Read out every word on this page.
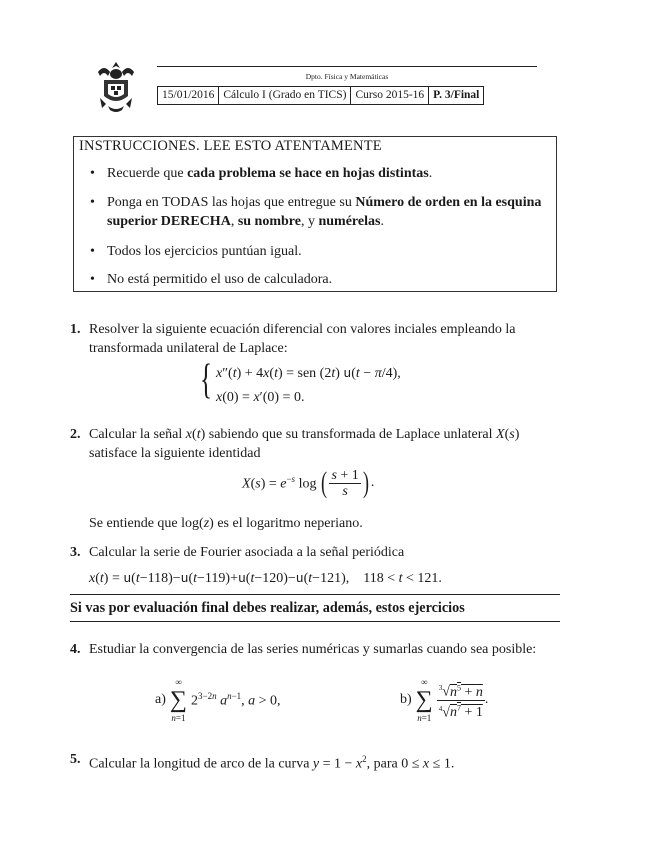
Dpto. Física y Matemáticas
15/01/2016 Cálculo I (Grado en TICS) Curso 2015-16 P. 3/Final
INSTRUCCIONES. LEE ESTO ATENTAMENTE
• Recuerde que cada problema se hace en hojas distintas.
• Ponga en TODAS las hojas que entregue su Número de orden en la esquina superior DERECHA, su nombre, y numérelas.
• Todos los ejercicios puntúan igual.
• No está permitido el uso de calculadora.
1. Resolver la siguiente ecuación diferencial con valores inciales empleando la transformada unilateral de Laplace:
{ x″(t) + 4x(t) = sen (2t) u(t − π/4),
x(0) = x′(0) = 0.
2. Calcular la señal x(t) sabiendo que su transformada de Laplace unlateral X(s) satisface la siguiente identidad
$X(s) = e^{-s}$ log ( $\frac{s + 1}{s}$ ) .
Se entiende que log(z) es el logaritmo neperiano.
3. Calcular la serie de Fourier asociada a la señal periódica
x(t) = u(t−118)−u(t−119)+u(t−120)−u(t−121),    118 < t < 121.
Si vas por evaluación final debes realizar, además, estos ejercicios
4. Estudiar la convergencia de las series numéricas y sumarlas cuando sea posible:
a)
∞
∑
n=1
$2^{3-2n}$ $a^{n-1}$, a > 0,	b)
∞
∑
$n=1 \frac{^3√n^5 + n}{^4√n^7 + 1}$ .
5. Calcular la longitud de arco de la curva $y = 1 - x^2$, para 0 ≤ x ≤ 1.
